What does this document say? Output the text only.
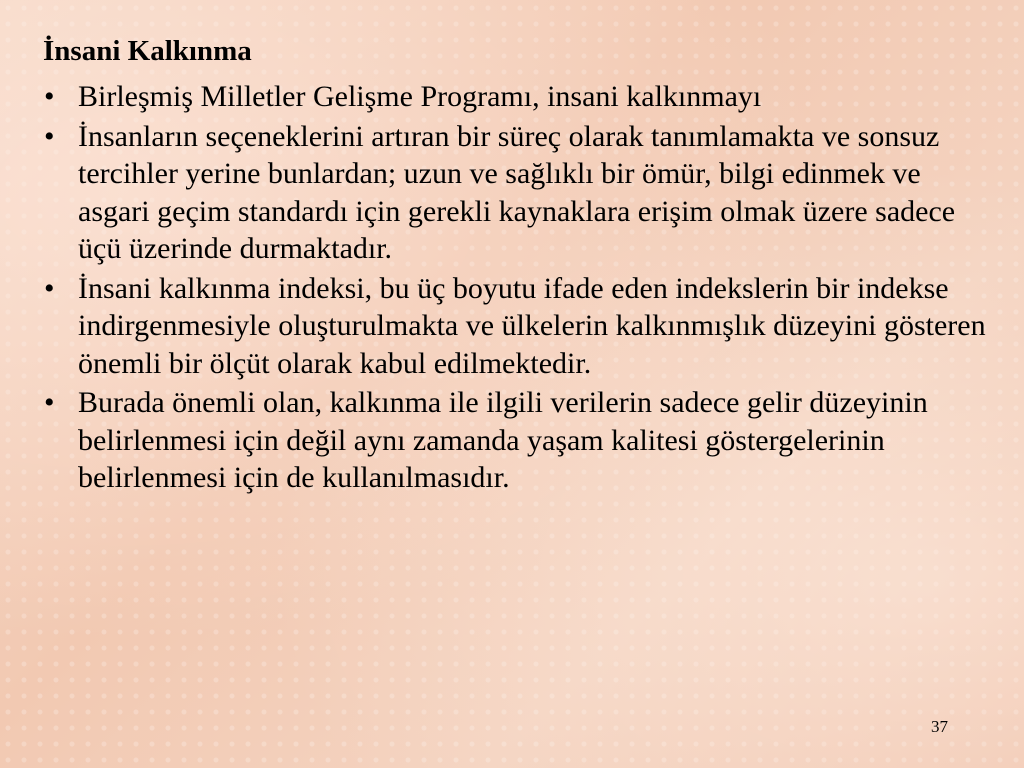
İnsani Kalkınma
• Birleşmiş Milletler Gelişme Programı, insani kalkınmayı
• İnsanların seçeneklerini artıran bir süreç olarak tanımlamakta ve sonsuz tercihler yerine bunlardan; uzun ve sağlıklı bir ömür, bilgi edinmek ve asgari geçim standardı için gerekli kaynaklara erişim olmak üzere sadece üçü üzerinde durmaktadır.
• İnsani kalkınma indeksi, bu üç boyutu ifade eden indekslerin bir indekse indirgenmesiyle oluşturulmakta ve ülkelerin kalkınmışlık düzeyini gösteren önemli bir ölçüt olarak kabul edilmektedir.
• Burada önemli olan, kalkınma ile ilgili verilerin sadece gelir düzeyinin belirlenmesi için değil aynı zamanda yaşam kalitesi göstergelerinin belirlenmesi için de kullanılmasıdır.
37
